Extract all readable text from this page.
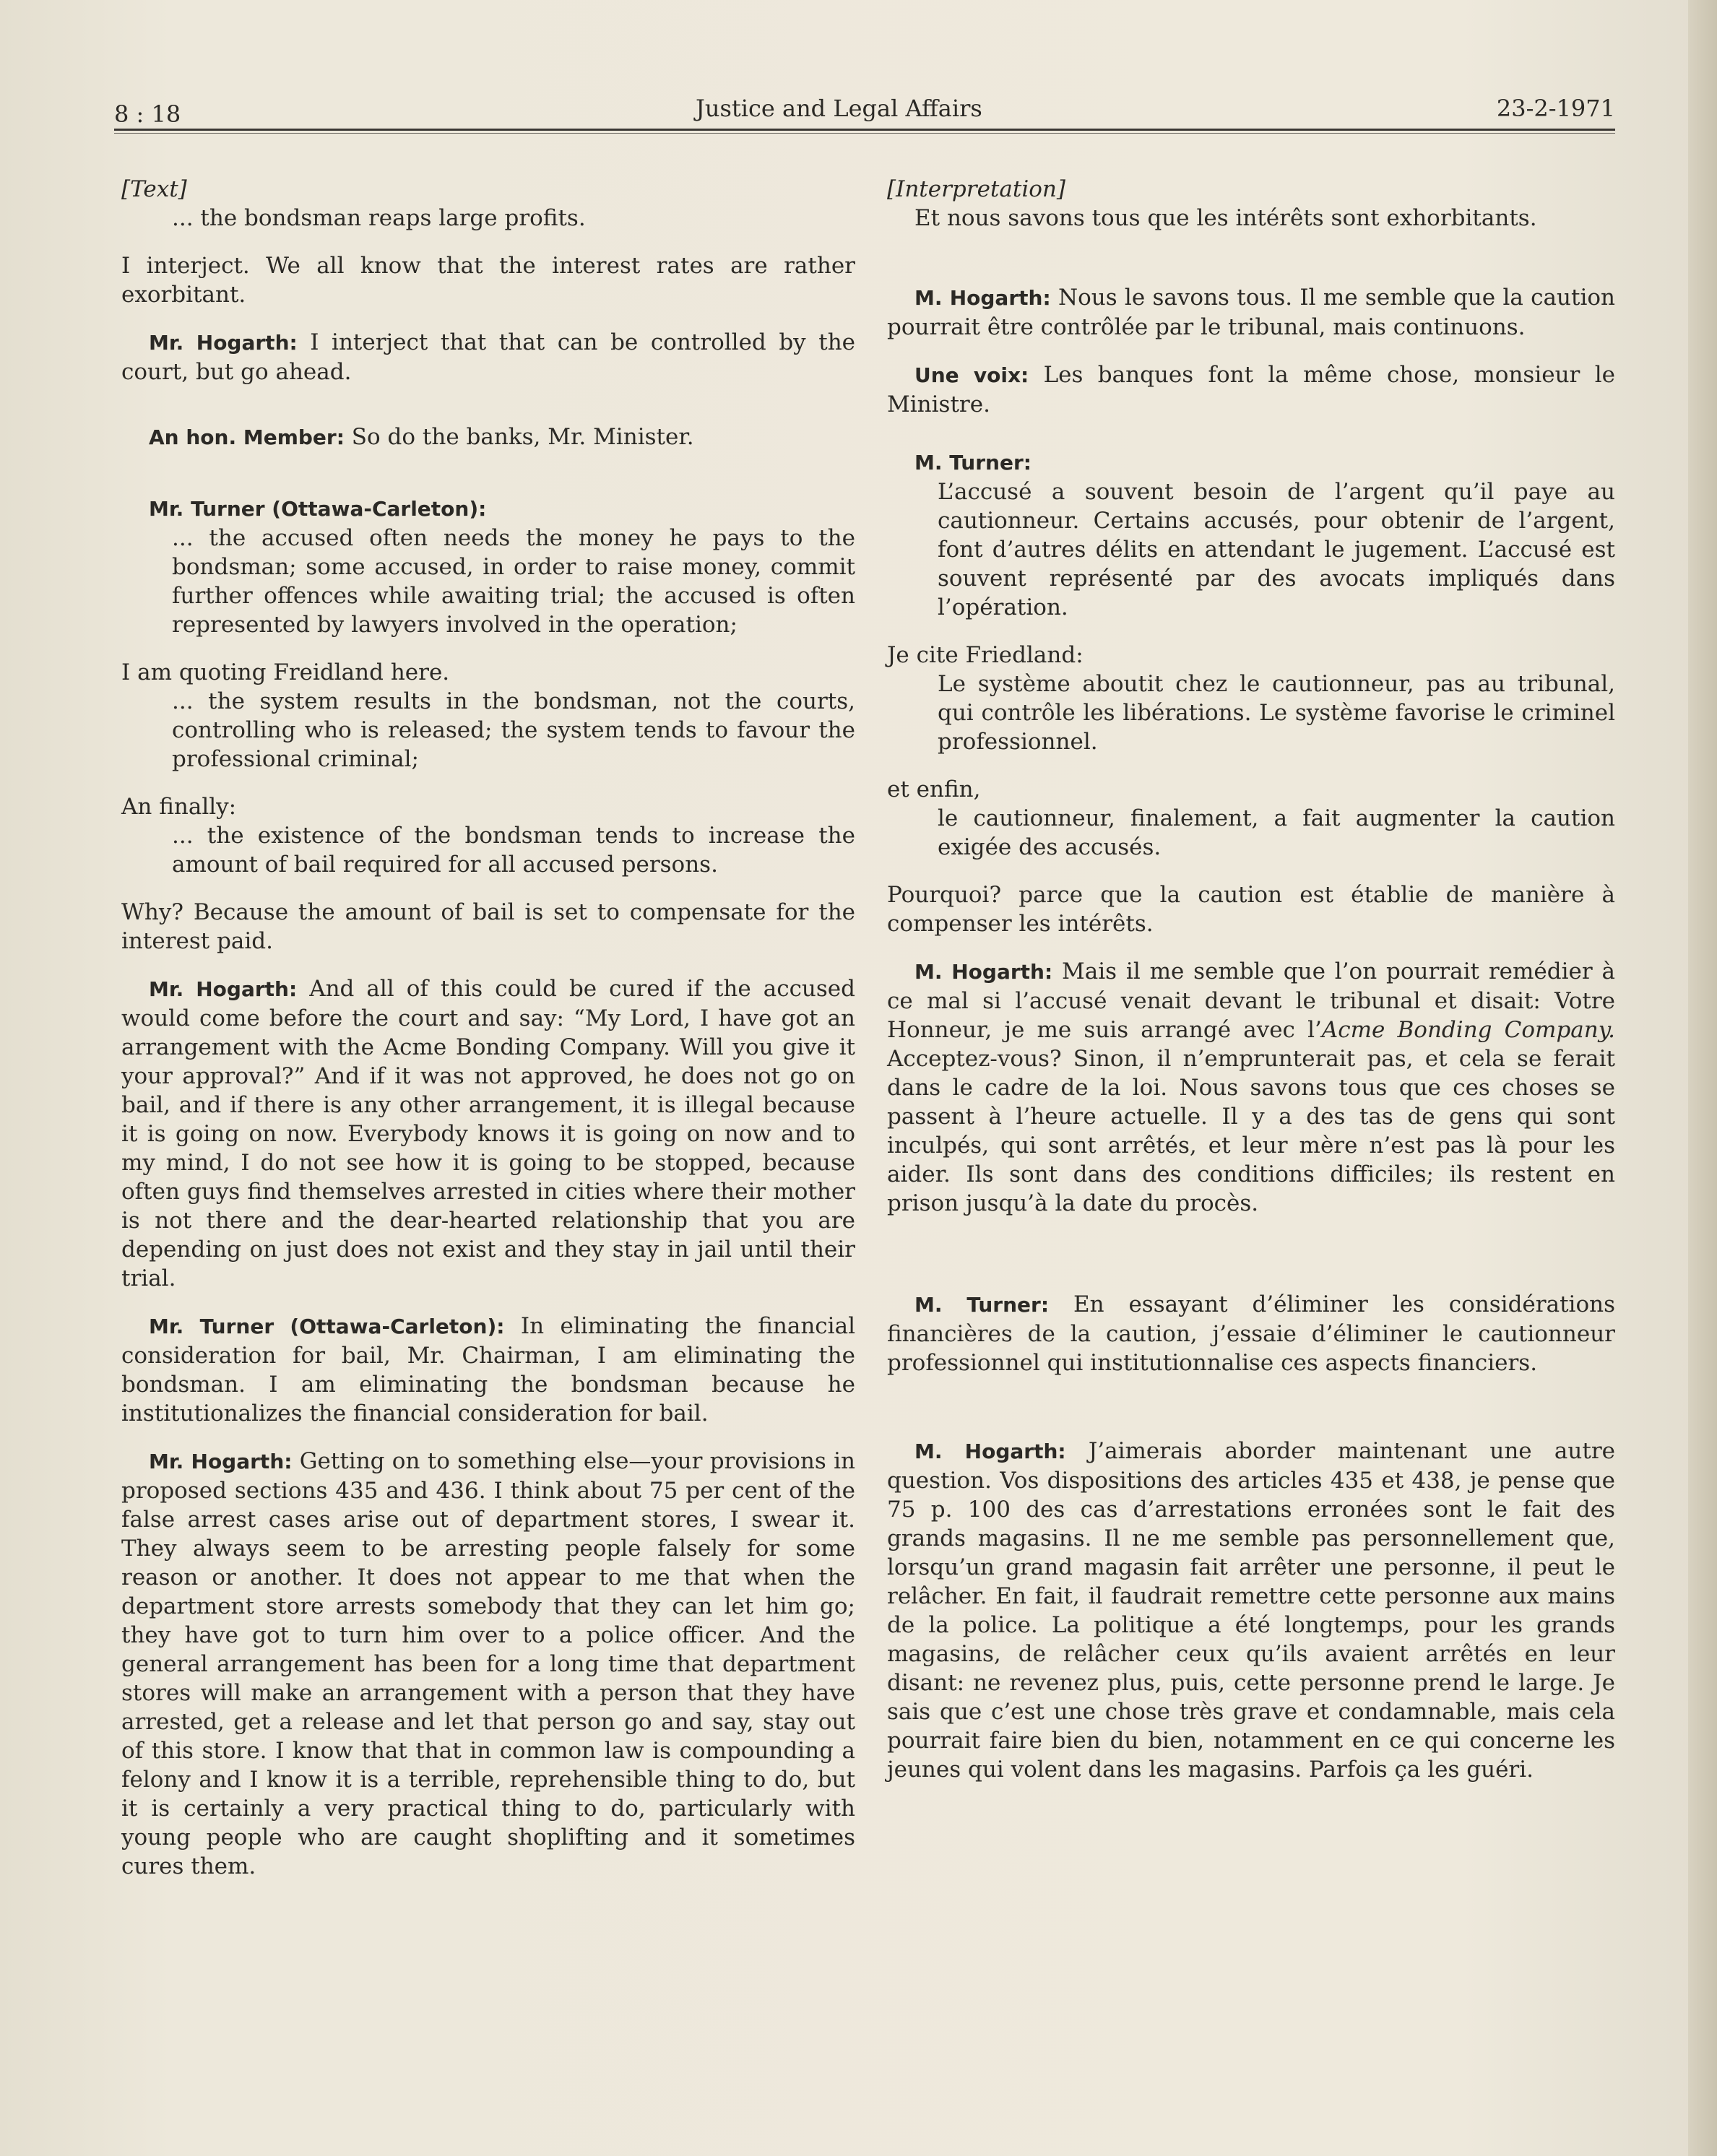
8 : 18	Justice and Legal Affairs	23-2-1971

[Text]

... the bondsman reaps large profits.

I interject. We all know that the interest rates are rather exorbitant.

Mr. Hogarth: I interject that that can be controlled by the court, but go ahead.

An hon. Member: So do the banks, Mr. Minister.

Mr. Turner (Ottawa-Carleton):

... the accused often needs the money he pays to the bondsman; some accused, in order to raise money, commit further offences while awaiting trial; the accused is often represented by lawyers involved in the operation;

I am quoting Freidland here.

... the system results in the bondsman, not the courts, controlling who is released; the system tends to favour the professional criminal;

An finally:

... the existence of the bondsman tends to increase the amount of bail required for all accused persons.

Why? Because the amount of bail is set to compensate for the interest paid.

Mr. Hogarth: And all of this could be cured if the accused would come before the court and say: “My Lord, I have got an arrangement with the Acme Bonding Company. Will you give it your approval?” And if it was not approved, he does not go on bail, and if there is any other arrangement, it is illegal because it is going on now. Everybody knows it is going on now and to my mind, I do not see how it is going to be stopped, because often guys find themselves arrested in cities where their mother is not there and the dear-hearted relationship that you are depending on just does not exist and they stay in jail until their trial.

Mr. Turner (Ottawa-Carleton): In eliminating the financial consideration for bail, Mr. Chairman, I am eliminating the bondsman. I am eliminating the bondsman because he institutionalizes the financial consideration for bail.

Mr. Hogarth: Getting on to something else—your provisions in proposed sections 435 and 436. I think about 75 per cent of the false arrest cases arise out of department stores, I swear it. They always seem to be arresting people falsely for some reason or another. It does not appear to me that when the department store arrests somebody that they can let him go; they have got to turn him over to a police officer. And the general arrangement has been for a long time that department stores will make an arrangement with a person that they have arrested, get a release and let that person go and say, stay out of this store. I know that that in common law is compounding a felony and I know it is a terrible, reprehensible thing to do, but it is certainly a very practical thing to do, particularly with young people who are caught shoplifting and it sometimes cures them.

[Interpretation]

Et nous savons tous que les intérêts sont exhorbitants.

M. Hogarth: Nous le savons tous. Il me semble que la caution pourrait être contrôlée par le tribunal, mais continuons.

Une voix: Les banques font la même chose, monsieur le Ministre.

M. Turner:

L’accusé a souvent besoin de l’argent qu’il paye au cautionneur. Certains accusés, pour obtenir de l’argent, font d’autres délits en attendant le jugement. L’accusé est souvent représenté par des avocats impliqués dans l’opération.

Je cite Friedland:

Le système aboutit chez le cautionneur, pas au tribunal, qui contrôle les libérations. Le système favorise le criminel professionnel.

et enfin,

le cautionneur, finalement, a fait augmenter la caution exigée des accusés.

Pourquoi? parce que la caution est établie de manière à compenser les intérêts.

M. Hogarth: Mais il me semble que l’on pourrait remédier à ce mal si l’accusé venait devant le tribunal et disait: Votre Honneur, je me suis arrangé avec l’Acme Bonding Company. Acceptez-vous? Sinon, il n’emprunterait pas, et cela se ferait dans le cadre de la loi. Nous savons tous que ces choses se passent à l’heure actuelle. Il y a des tas de gens qui sont inculpés, qui sont arrêtés, et leur mère n’est pas là pour les aider. Ils sont dans des conditions difficiles; ils restent en prison jusqu’à la date du procès.

M. Turner: En essayant d’éliminer les considérations financières de la caution, j’essaie d’éliminer le cautionneur professionnel qui institutionnalise ces aspects financiers.

M. Hogarth: J’aimerais aborder maintenant une autre question. Vos dispositions des articles 435 et 438, je pense que 75 p. 100 des cas d’arrestations erronées sont le fait des grands magasins. Il ne me semble pas personnellement que, lorsqu’un grand magasin fait arrêter une personne, il peut le relâcher. En fait, il faudrait remettre cette personne aux mains de la police. La politique a été longtemps, pour les grands magasins, de relâcher ceux qu’ils avaient arrêtés en leur disant: ne revenez plus, puis, cette personne prend le large. Je sais que c’est une chose très grave et condamnable, mais cela pourrait faire bien du bien, notamment en ce qui concerne les jeunes qui volent dans les magasins. Parfois ça les guéri.
